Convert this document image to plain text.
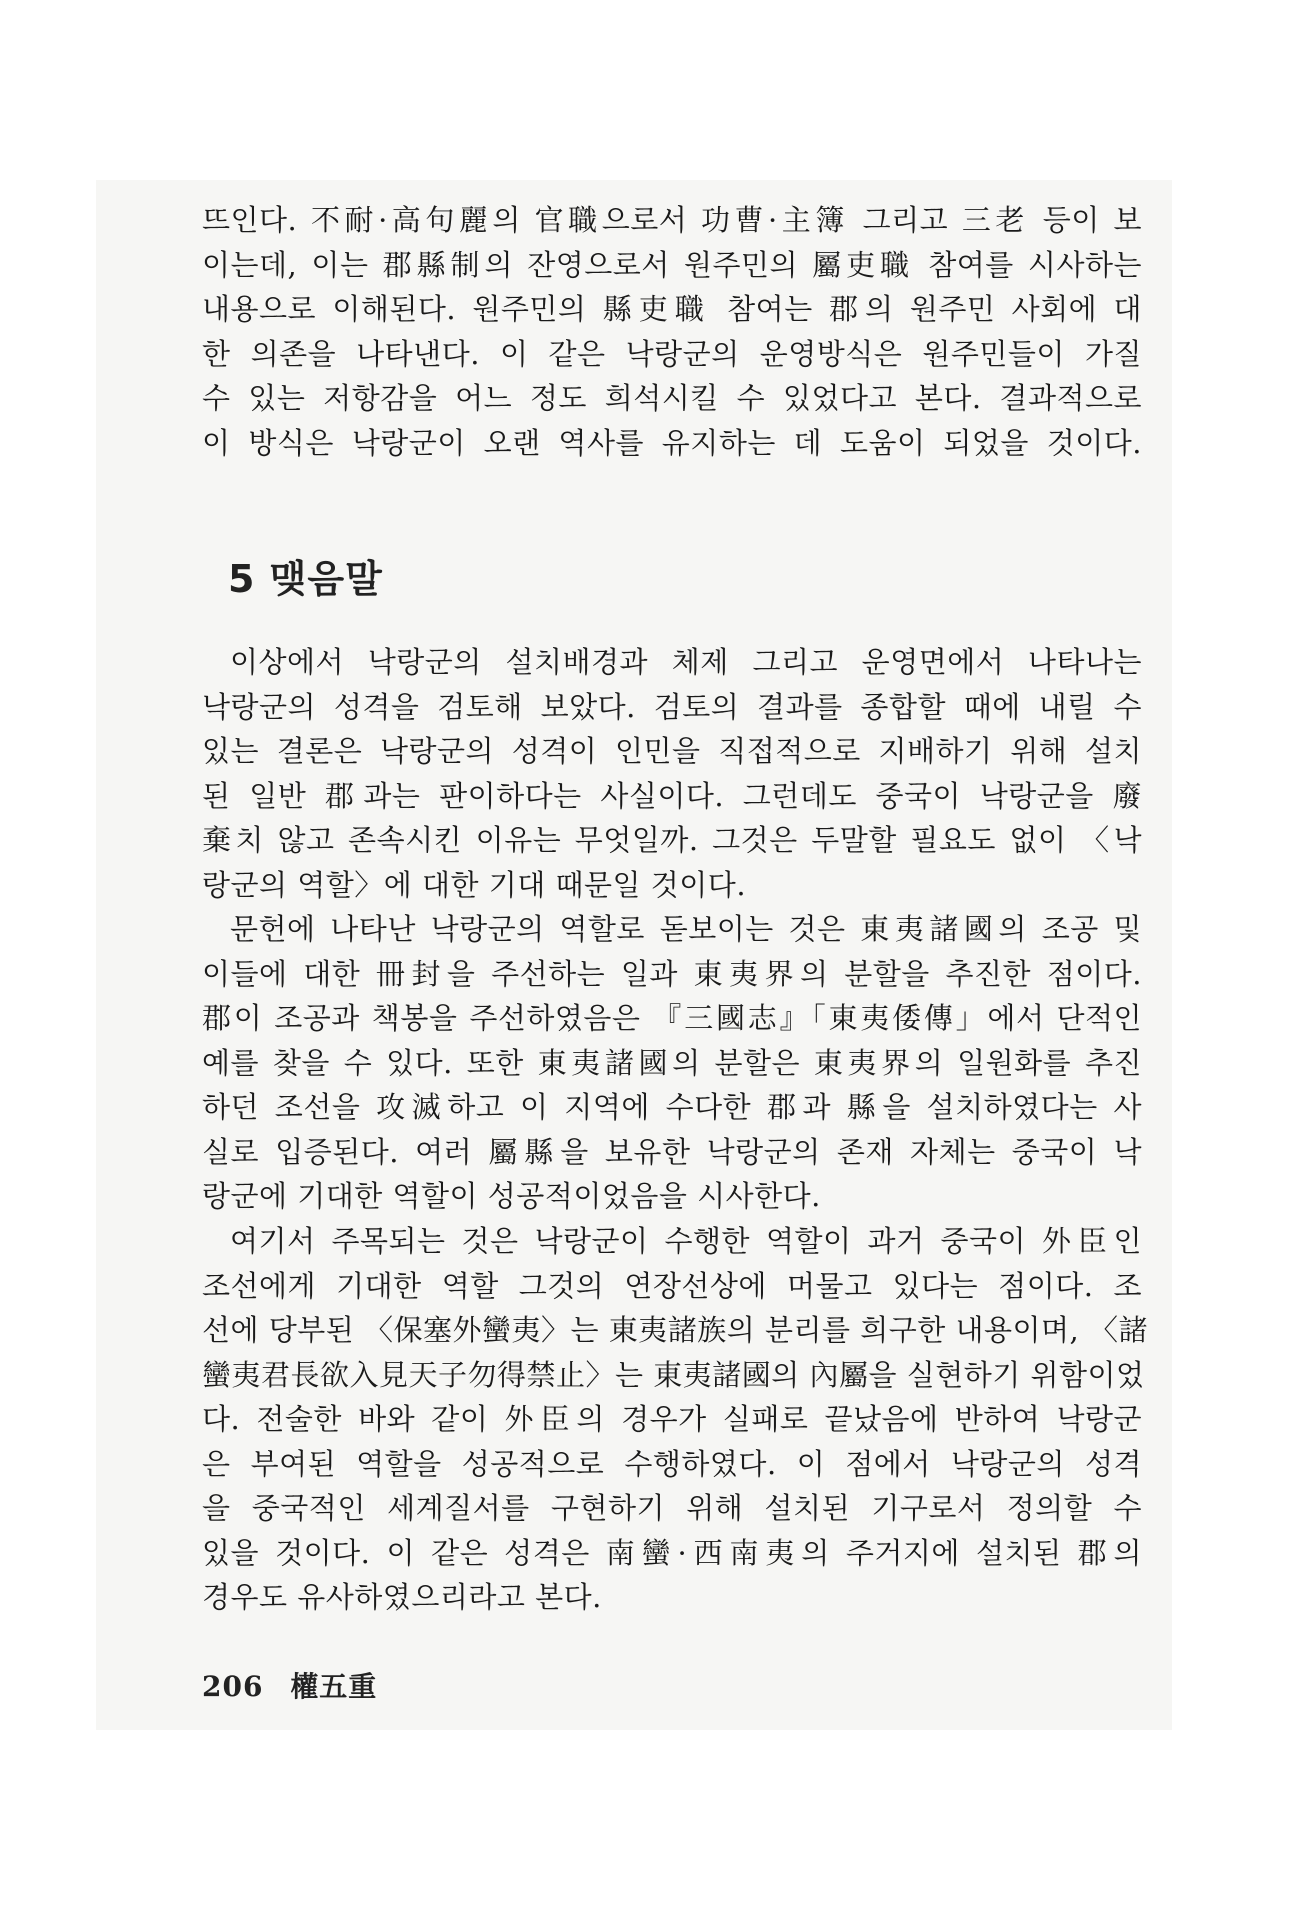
뜨인다. 不耐·高句麗의 官職으로서 功曹·主簿 그리고 三老 등이 보
이는데, 이는 郡縣制의 잔영으로서 원주민의 屬吏職 참여를 시사하는
내용으로 이해된다. 원주민의 縣吏職 참여는 郡의 원주민 사회에 대
한 의존을 나타낸다. 이 같은 낙랑군의 운영방식은 원주민들이 가질
수 있는 저항감을 어느 정도 희석시킬 수 있었다고 본다. 결과적으로
이 방식은 낙랑군이 오랜 역사를 유지하는 데 도움이 되었을 것이다.
5 맺음말
이상에서 낙랑군의 설치배경과 체제 그리고 운영면에서 나타나는
낙랑군의 성격을 검토해 보았다. 검토의 결과를 종합할 때에 내릴 수
있는 결론은 낙랑군의 성격이 인민을 직접적으로 지배하기 위해 설치
된 일반 郡과는 판이하다는 사실이다. 그런데도 중국이 낙랑군을 廢
棄치 않고 존속시킨 이유는 무엇일까. 그것은 두말할 필요도 없이 〈낙
랑군의 역할〉에 대한 기대 때문일 것이다.
문헌에 나타난 낙랑군의 역할로 돋보이는 것은 東夷諸國의 조공 및
이들에 대한 冊封을 주선하는 일과 東夷界의 분할을 추진한 점이다.
郡이 조공과 책봉을 주선하였음은 『三國志』「東夷倭傳」에서 단적인
예를 찾을 수 있다. 또한 東夷諸國의 분할은 東夷界의 일원화를 추진
하던 조선을 攻滅하고 이 지역에 수다한 郡과 縣을 설치하였다는 사
실로 입증된다. 여러 屬縣을 보유한 낙랑군의 존재 자체는 중국이 낙
랑군에 기대한 역할이 성공적이었음을 시사한다.
여기서 주목되는 것은 낙랑군이 수행한 역할이 과거 중국이 外臣인
조선에게 기대한 역할 그것의 연장선상에 머물고 있다는 점이다. 조
선에 당부된 〈保塞外蠻夷〉는 東夷諸族의 분리를 희구한 내용이며, 〈諸
蠻夷君長欲入見天子勿得禁止〉는 東夷諸國의 內屬을 실현하기 위함이었
다. 전술한 바와 같이 外臣의 경우가 실패로 끝났음에 반하여 낙랑군
은 부여된 역할을 성공적으로 수행하였다. 이 점에서 낙랑군의 성격
을 중국적인 세계질서를 구현하기 위해 설치된 기구로서 정의할 수
있을 것이다. 이 같은 성격은 南蠻·西南夷의 주거지에 설치된 郡의
경우도 유사하였으리라고 본다.
206 權五重
